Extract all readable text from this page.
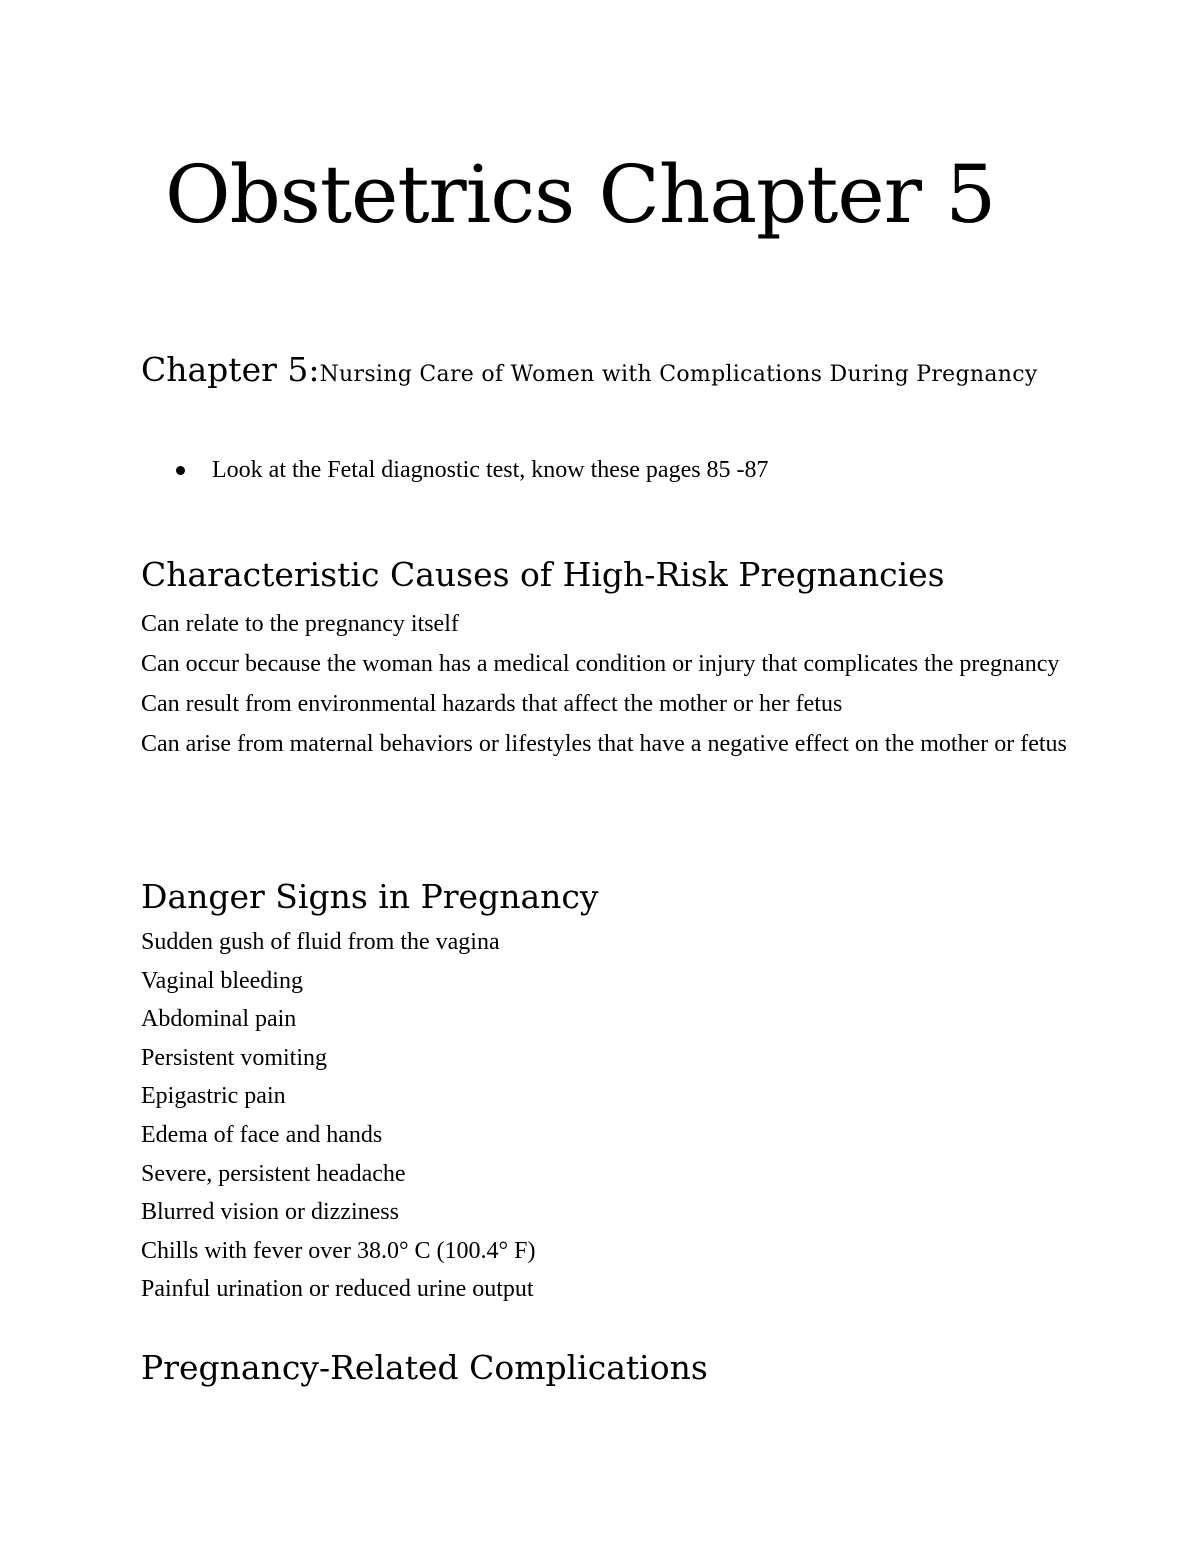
Obstetrics Chapter 5

Chapter 5:Nursing Care of Women with Complications During Pregnancy

Look at the Fetal diagnostic test, know these pages 85 -87
Characteristic Causes of High-Risk Pregnancies

Can relate to the pregnancy itself

Can occur because the woman has a medical condition or injury that complicates the pregnancy

Can result from environmental hazards that affect the mother or her fetus

Can arise from maternal behaviors or lifestyles that have a negative effect on the mother or fetus

Danger Signs in Pregnancy

Sudden gush of fluid from the vagina

Vaginal bleeding

Abdominal pain

Persistent vomiting

Epigastric pain

Edema of face and hands

Severe, persistent headache

Blurred vision or dizziness

Chills with fever over 38.0° C (100.4° F)

Painful urination or reduced urine output

Pregnancy-Related Complications
